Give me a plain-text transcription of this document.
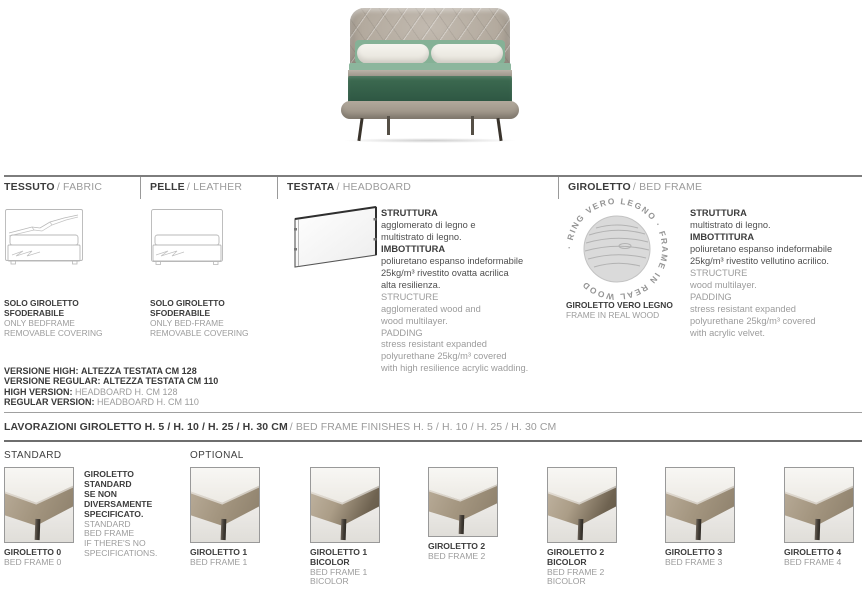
TESSUTO / FABRIC	PELLE / LEATHER	TESTATA / HEADBOARD	GIROLETTO / BED FRAME
· RING VERO LEGNO · FRAME IN REAL WOOD
GIROLETTO VERO LEGNO
FRAME IN REAL WOOD
SOLO GIROLETTO
SFODERABILE
ONLY BEDFRAME
REMOVABLE COVERING
SOLO GIROLETTO
SFODERABILE
ONLY BED-FRAME
REMOVABLE COVERING
STRUTTURA
agglomerato di legno e
multistrato di legno.
IMBOTTITURA
poliuretano espanso indeformabile
25kg/m³ rivestito ovatta acrilica
alta resilienza.
STRUCTURE
agglomerated wood and
wood multilayer.
PADDING
stress resistant expanded
polyurethane 25kg/m³ covered
with high resilience acrylic wadding.
STRUTTURA
multistrato di legno.
IMBOTTITURA
poliuretano espanso indeformabile
25kg/m³ rivestito vellutino acrilico.
STRUCTURE
wood multilayer.
PADDING
stress resistant expanded
polyurethane 25kg/m³ covered
with acrylic velvet.
VERSIONE HIGH: ALTEZZA TESTATA CM 128
VERSIONE REGULAR: ALTEZZA TESTATA CM 110
HIGH VERSION: HEADBOARD H. CM 128
REGULAR VERSION: HEADBOARD H. CM 110
LAVORAZIONI GIROLETTO H. 5 / H. 10 / H. 25 / H. 30 CM / BED FRAME FINISHES H. 5 / H. 10 / H. 25 / H. 30 CM
STANDARD	OPTIONAL
GIROLETTO 0
BED FRAME 0
GIROLETTO
STANDARD
SE NON
DIVERSAMENTE
SPECIFICATO.
STANDARD
BED FRAME
IF THERE'S NO
SPECIFICATIONS.	GIROLETTO 1
BED FRAME 1
GIROLETTO 1
BICOLOR
BED FRAME 1
BICOLOR
GIROLETTO 2
BED FRAME 2	GIROLETTO 2
BICOLOR
BED FRAME 2
BICOLOR
GIROLETTO 3
BED FRAME 3
GIROLETTO 4
BED FRAME 4
